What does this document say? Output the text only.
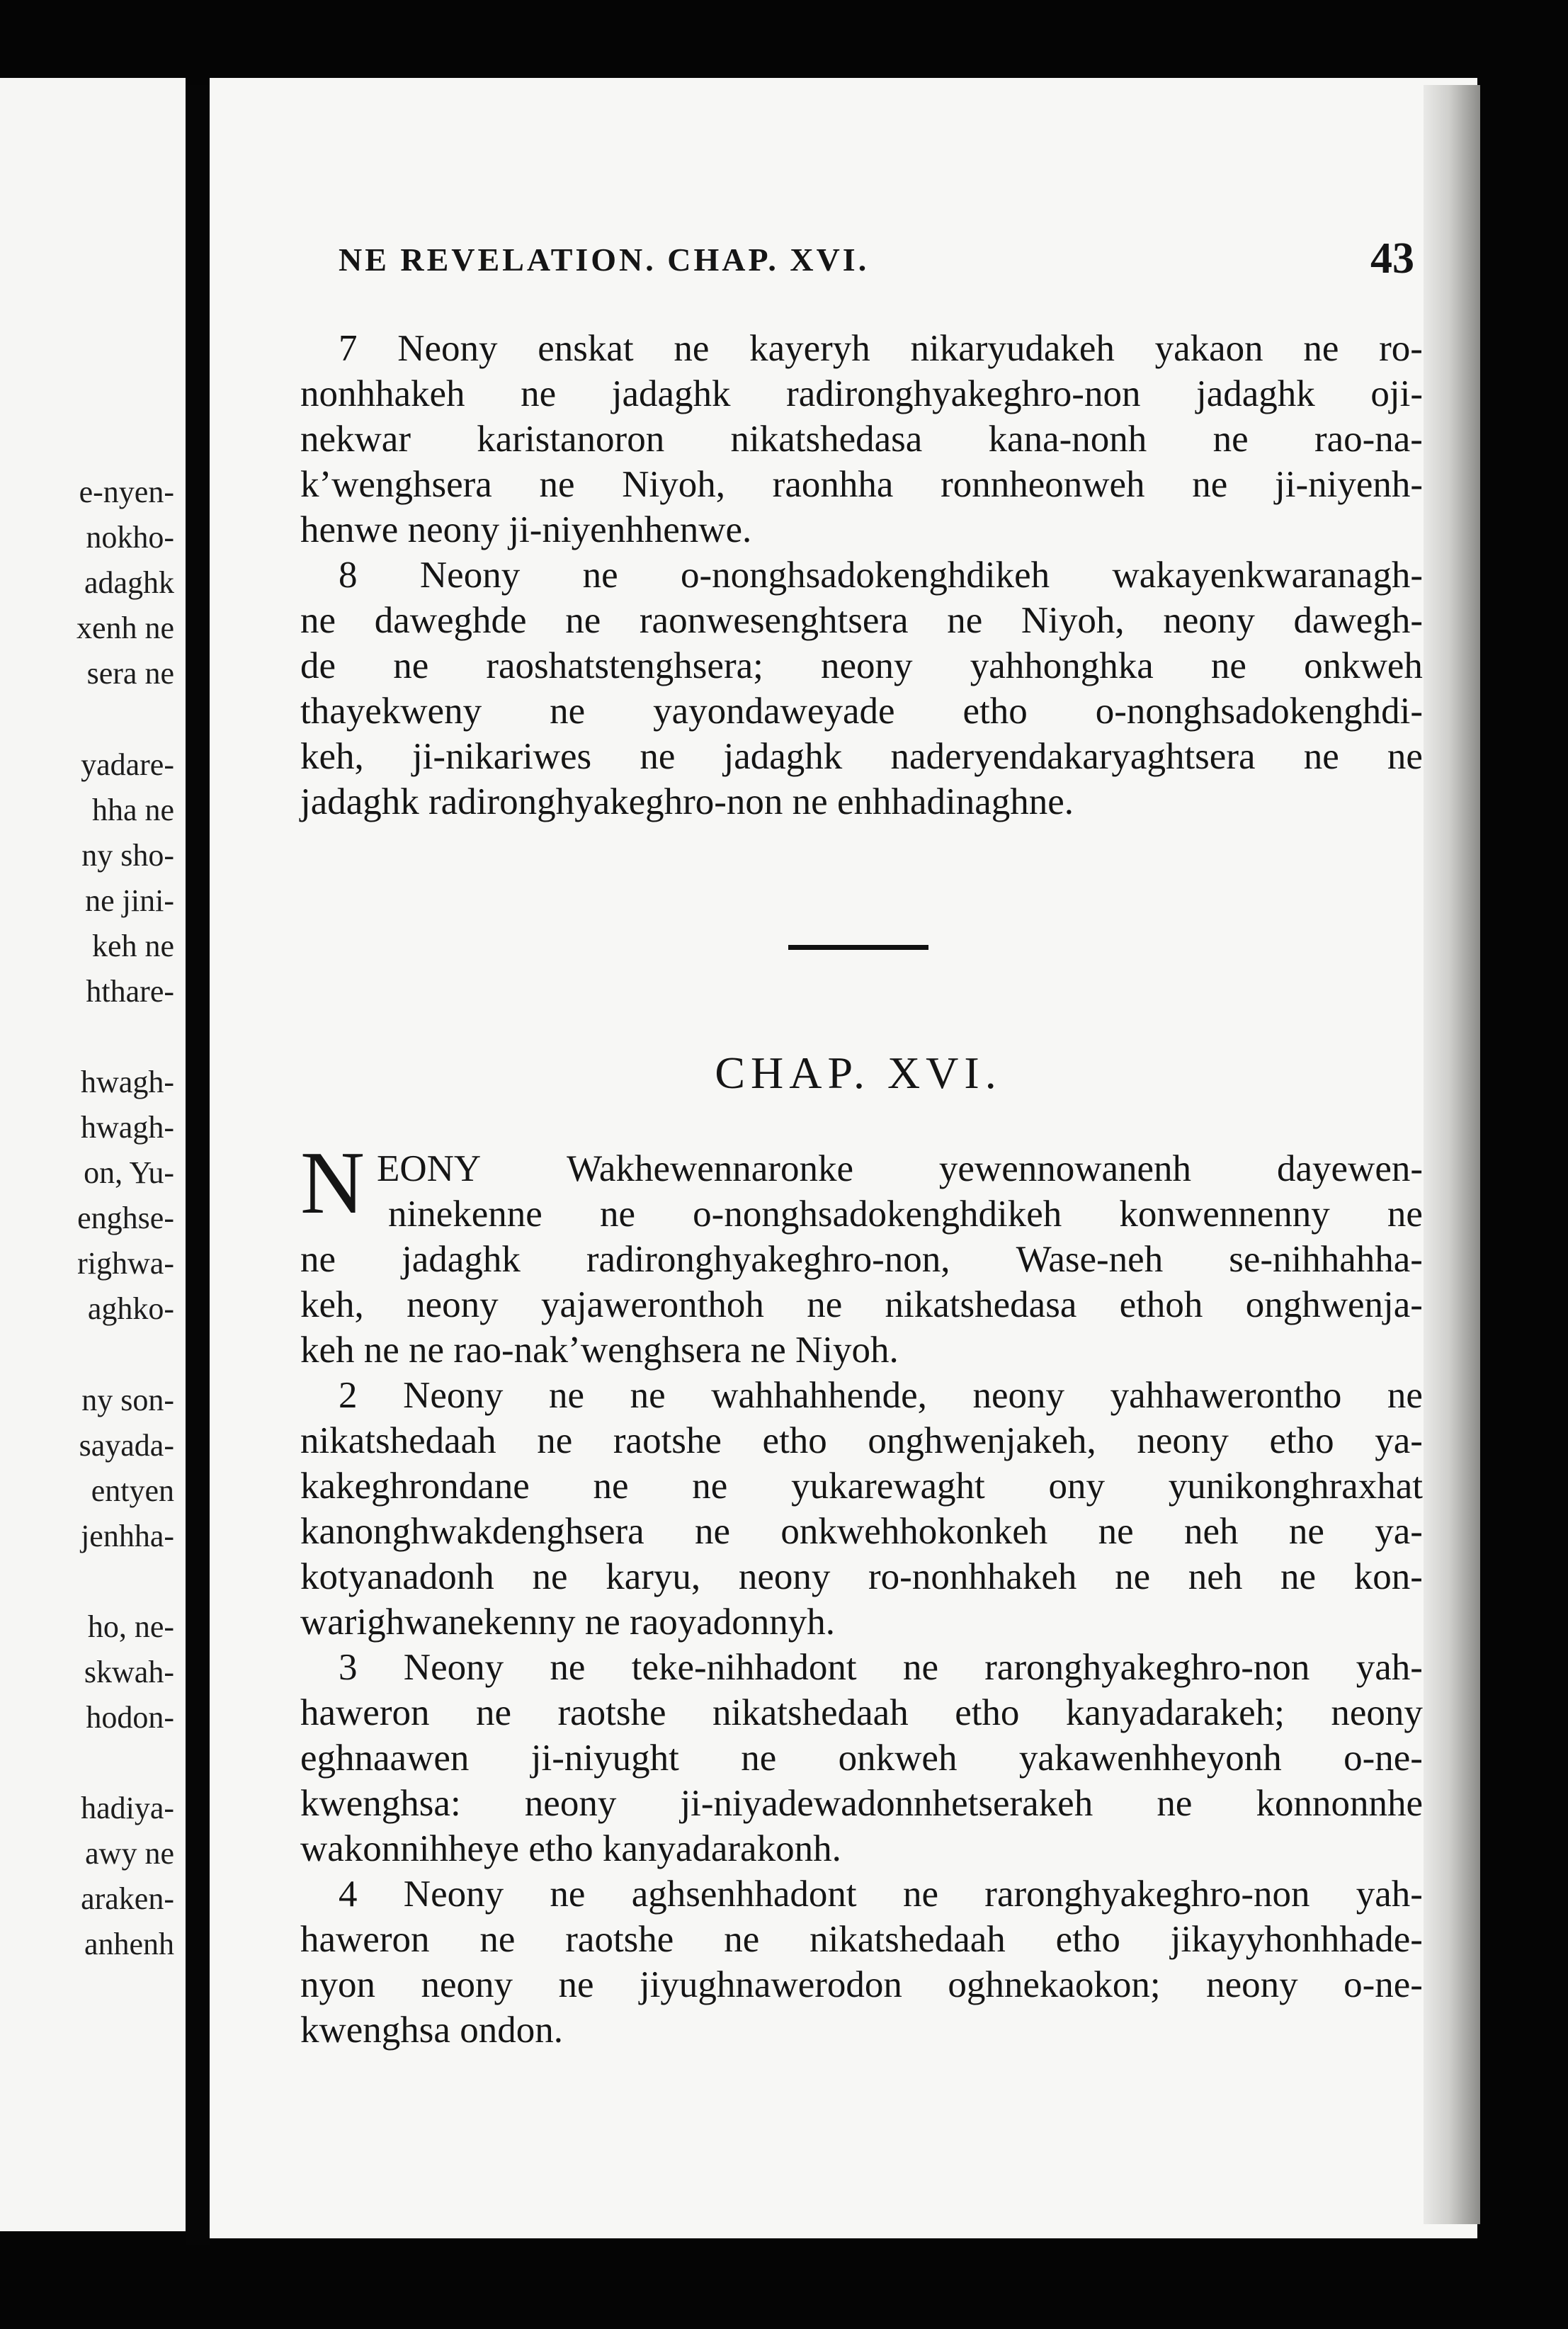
e-nyen-
nokho-
adaghk
xenh ne
sera ne
yadare-
hha ne
ny sho-
ne jini-
keh ne
hthare-
hwagh-
hwagh-
on, Yu-
enghse-
righwa-
aghko-
ny son-
sayada-
entyen
jenhha-
ho, ne-
skwah-
hodon-
hadiya-
awy ne
araken-
anhenh
NE REVELATION. CHAP. XVI.	43
7 Neony enskat ne kayeryh nikaryudakeh yakaon ne ro-
nonhhakeh ne jadaghk radironghyakeghro-non jadaghk oji-
nekwar karistanoron nikatshedasa kana-nonh ne rao-na-
k’wenghsera ne Niyoh, raonhha ronnheonweh ne ji-niyenh-
henwe neony ji-niyenhhenwe.
8 Neony ne o-nonghsadokenghdikeh wakayenkwaranagh-
ne daweghde ne raonwesenghtsera ne Niyoh, neony dawegh-
de ne raoshatstenghsera; neony yahhonghka ne onkweh
thayekweny ne yayondaweyade etho o-nonghsadokenghdi-
keh, ji-nikariwes ne jadaghk naderyendakaryaghtsera ne ne
jadaghk radironghyakeghro-non ne enhhadinaghne.
CHAP. XVI.
N EONY Wakhewennaronke yewennowanenh dayewen-
ninekenne ne o-nonghsadokenghdikeh konwennenny ne
ne jadaghk radironghyakeghro-non, Wase-neh se-nihhahha-
keh, neony yajaweronthoh ne nikatshedasa ethoh onghwenja-
keh ne ne rao-nak’wenghsera ne Niyoh.
2 Neony ne ne wahhahhende, neony yahhaweronthо ne
nikatshedaah ne raotshe etho onghwenjakeh, neony etho ya-
kakeghrondane ne ne yukarewaght ony yunikonghraxhat
kanonghwakdenghsera ne onkwehhokonkeh ne neh ne ya-
kotyanadonh ne karyu, neony ro-nonhhakeh ne neh ne kon-
warighwanekenny ne raoyadonnyh.
3 Neony ne teke-nihhadont ne raronghyakeghro-non yah-
haweron ne raotshe nikatshedaah etho kanyadarakeh; neony
eghnaawen ji-niyught ne onkweh yakawenhheyonh o-ne-
kwenghsa: neony ji-niyadewadonnhetserakeh ne konnonnhe
wakonnihheye etho kanyadarakonh.
4 Neony ne aghsenhhadont ne raronghyakeghro-non yah-
haweron ne raotshe ne nikatshedaah etho jikayyhonhhade-
nyon neony ne jiyughnawerodon oghnekaokon; neony o-ne-
kwenghsa ondon.
